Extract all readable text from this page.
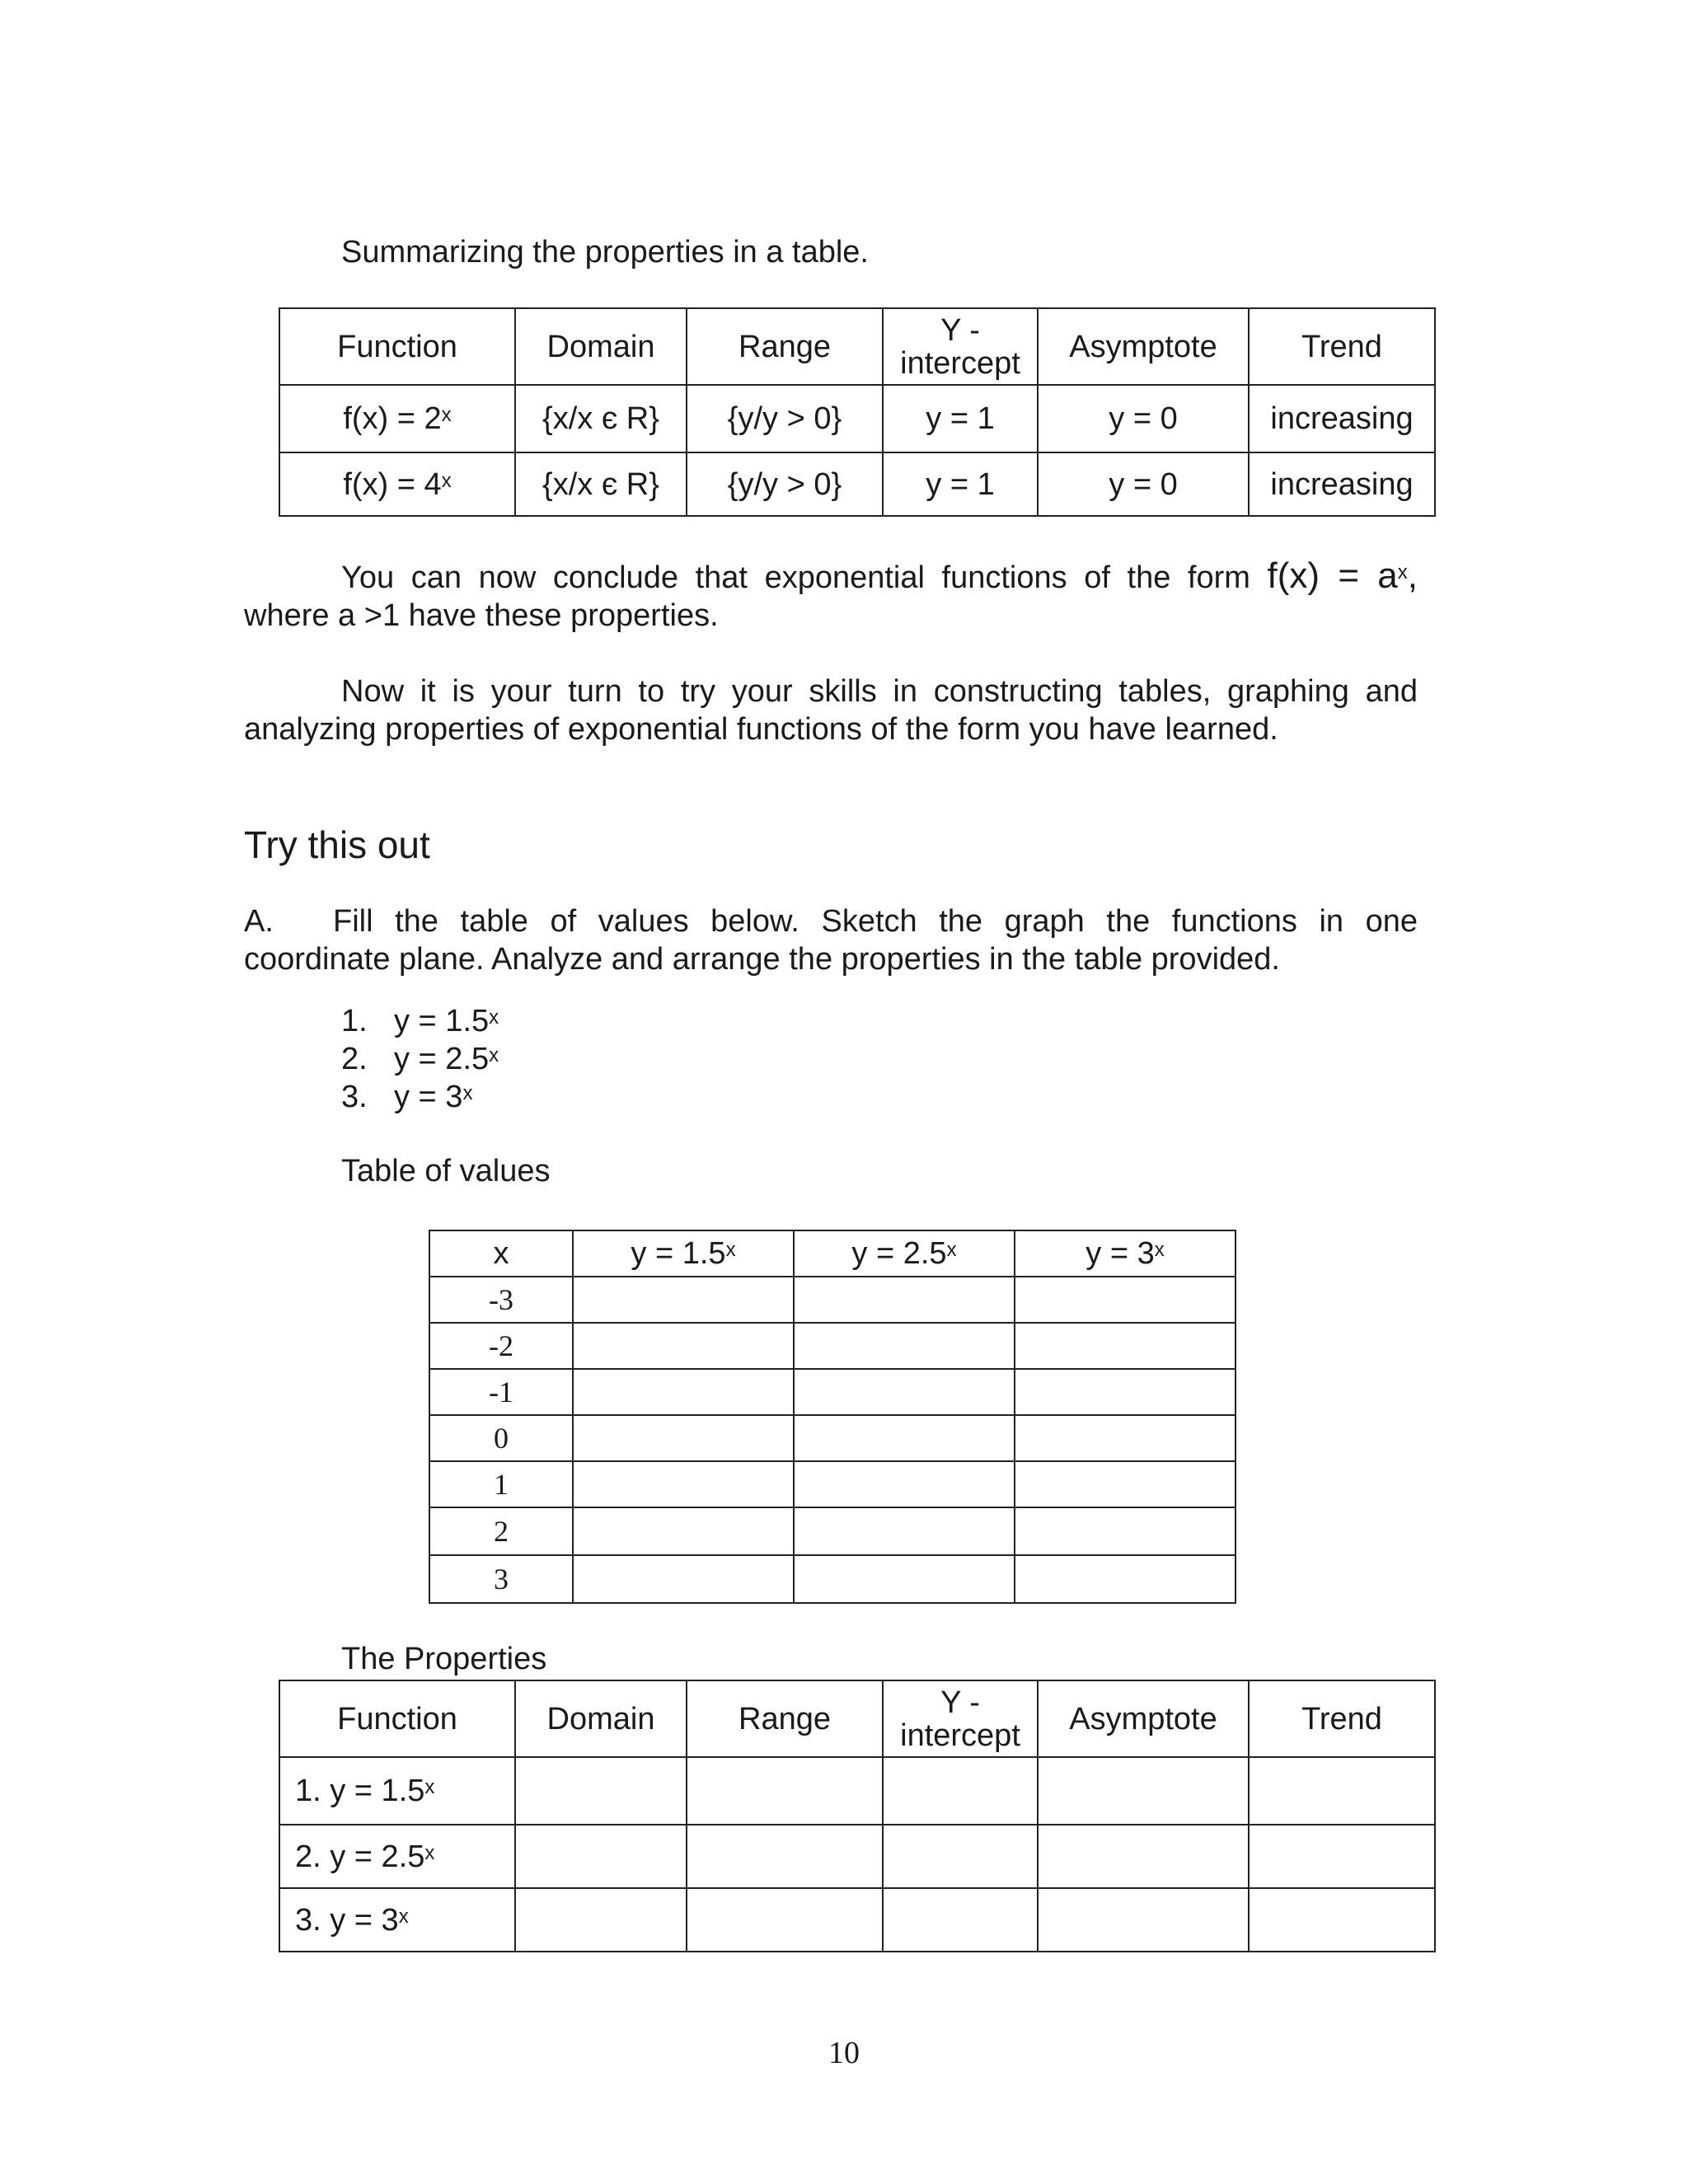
Summarizing the properties in a table.
Function	Domain	Range	Y -
intercept	Asymptote	Trend
$f(x) = 2^x$	{x/x є R}	{y/y > 0}	y = 1	y = 0	increasing
$f(x) = 4^x$	{x/x є R}	{y/y > 0}	y = 1	y = 0	increasing
You can now conclude that exponential functions of the form $f(x) = a^x$,
where a >1 have these properties.
Now it is your turn to try your skills in constructing tables, graphing and
analyzing properties of exponential functions of the form you have learned.
Try this out
A. Fill the table of values below. Sketch the graph the functions in one
coordinate plane. Analyze and arrange the properties in the table provided.
1. $y = 1.5^x$
2. $y = 2.5^x$
3. $y = 3^x$
Table of values
x	$y = 1.5^x$	$y = 2.5^x$	$y = 3^x$
-3			
-2			
-1			
0			
1			
2			
3			
The Properties
Function	Domain	Range	Y -
intercept	Asymptote	Trend
1. $y = 1.5^x$					
2. $y = 2.5^x$					
3. $y = 3^x$					
10
